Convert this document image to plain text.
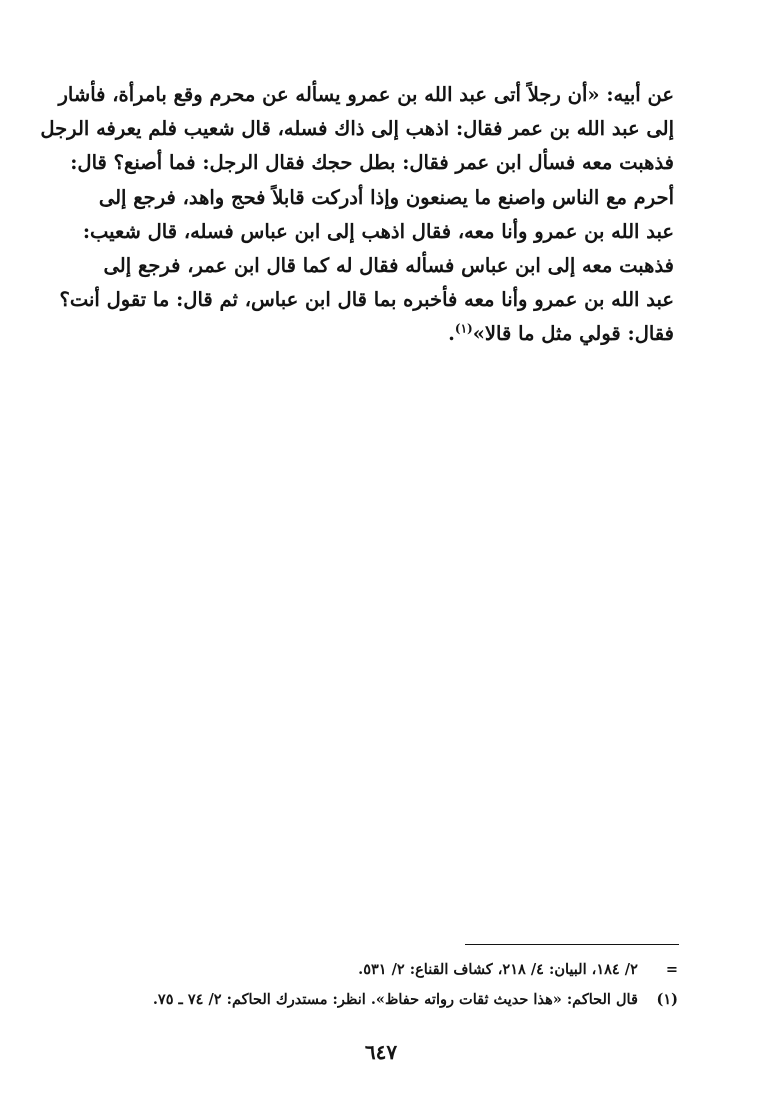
عن أبيه: «أن رجلاً أتى عبد الله بن عمرو يسأله عن محرم وقع بامرأة، فأشار
إلى عبد الله بن عمر فقال: اذهب إلى ذاك فسله، قال شعيب فلم يعرفه الرجل
فذهبت معه فسأل ابن عمر فقال: بطل حجك فقال الرجل: فما أصنع؟ قال:
أحرم مع الناس واصنع ما يصنعون وإذا أدركت قابلاً فحج واهد، فرجع إلى
عبد الله بن عمرو وأنا معه، فقال اذهب إلى ابن عباس فسله، قال شعيب:
فذهبت معه إلى ابن عباس فسأله فقال له كما قال ابن عمر، فرجع إلى
عبد الله بن عمرو وأنا معه فأخبره بما قال ابن عباس، ثم قال: ما تقول أنت؟
فقال: قولي مثل ما قالا»$^{(١)}$.

=

٢/ ١٨٤، البيان: ٤/ ٢١٨، كشاف القناع: ٢/ ٥٣١.
(١)

قال الحاكم: «هذا حديث ثقات رواته حفاظ». انظر: مستدرك الحاكم: ٢/ ٧٤ ـ ٧٥.
٦٤٧
